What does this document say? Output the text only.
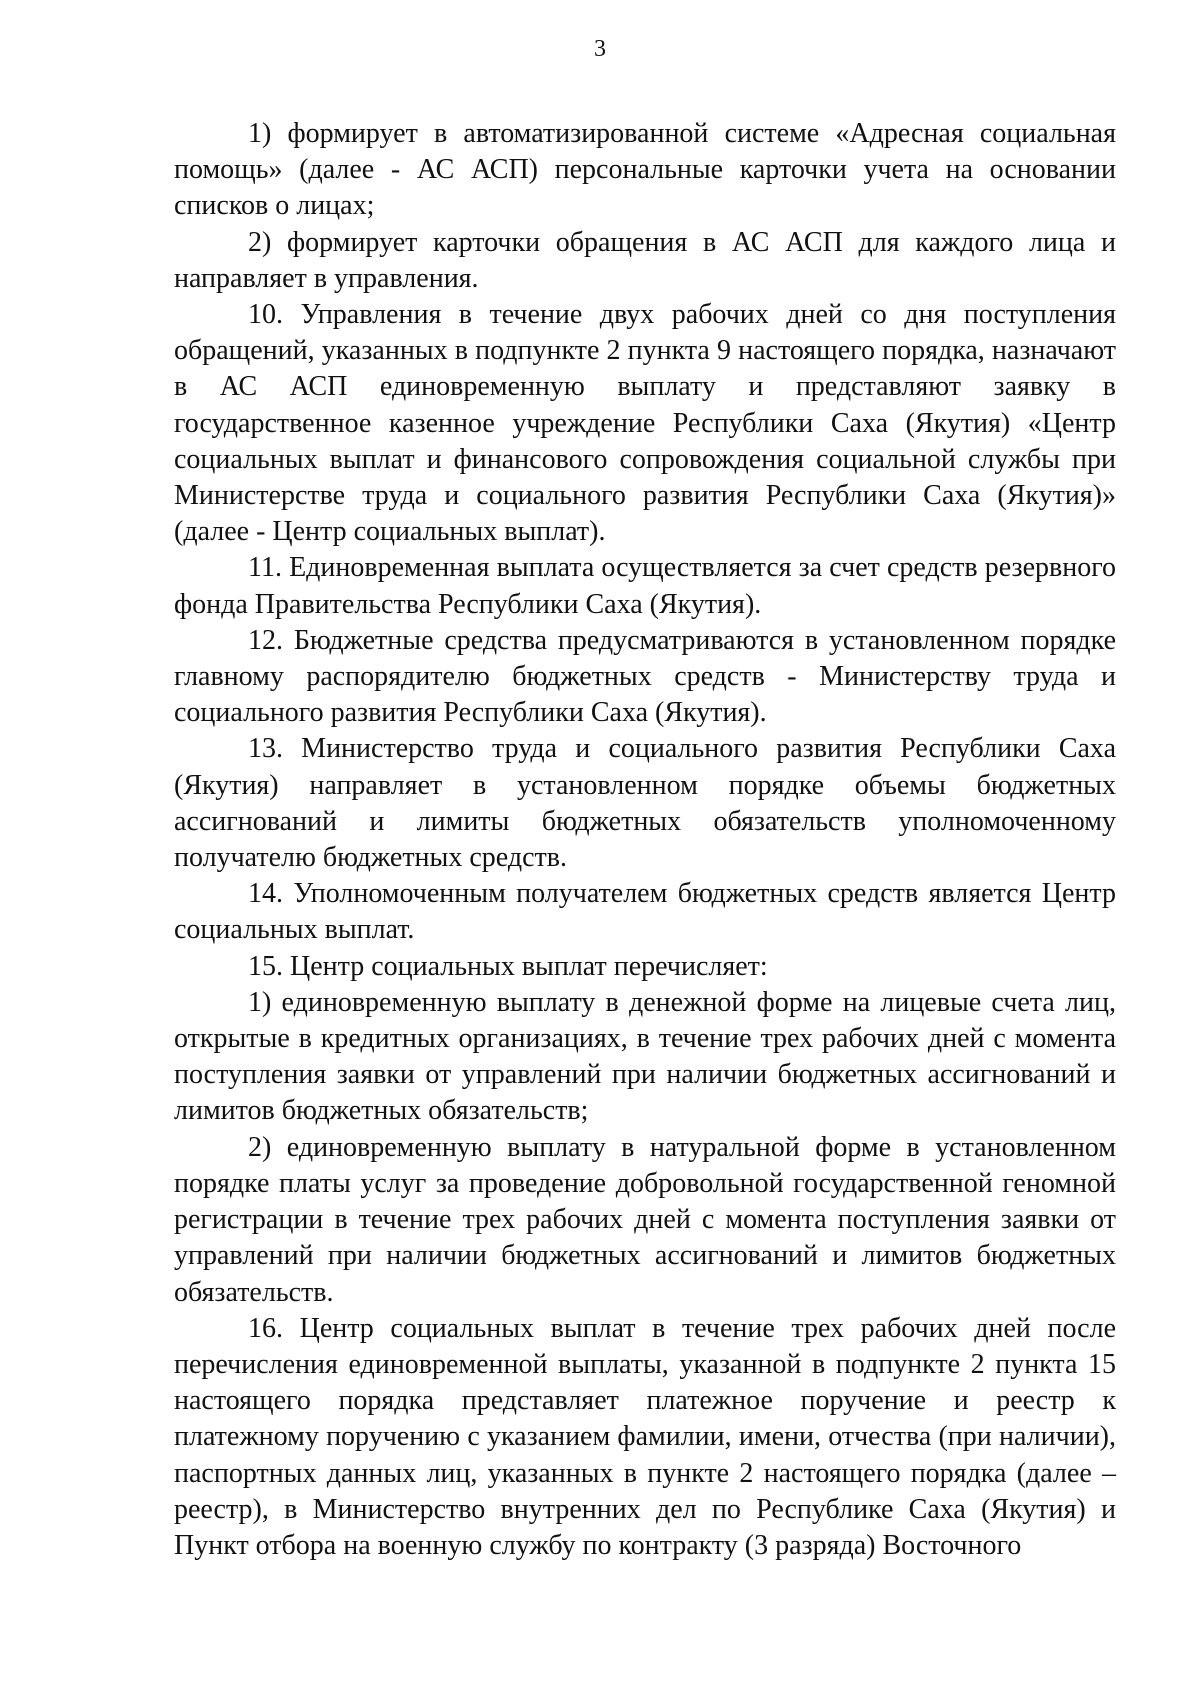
3

1) формирует в автоматизированной системе «Адресная социальная помощь» (далее - АС АСП) персональные карточки учета на основании списков о лицах;

2) формирует карточки обращения в АС АСП для каждого лица и направляет в управления.

10. Управления в течение двух рабочих дней со дня поступления обращений, указанных в подпункте 2 пункта 9 настоящего порядка, назначают в АС АСП единовременную выплату и представляют заявку в государственное казенное учреждение Республики Саха (Якутия) «Центр социальных выплат и финансового сопровождения социальной службы при Министерстве труда и социального развития Республики Саха (Якутия)» (далее - Центр социальных выплат).

11. Единовременная выплата осуществляется за счет средств резервного фонда Правительства Республики Саха (Якутия).

12. Бюджетные средства предусматриваются в установленном порядке главному распорядителю бюджетных средств - Министерству труда и социального развития Республики Саха (Якутия).

13. Министерство труда и социального развития Республики Саха (Якутия) направляет в установленном порядке объемы бюджетных ассигнований и лимиты бюджетных обязательств уполномоченному получателю бюджетных средств.

14. Уполномоченным получателем бюджетных средств является Центр социальных выплат.

15. Центр социальных выплат перечисляет:

1) единовременную выплату в денежной форме на лицевые счета лиц, открытые в кредитных организациях, в течение трех рабочих дней с момента поступления заявки от управлений при наличии бюджетных ассигнований и лимитов бюджетных обязательств;

2) единовременную выплату в натуральной форме в установленном порядке платы услуг за проведение добровольной государственной геномной регистрации в течение трех рабочих дней с момента поступления заявки от управлений при наличии бюджетных ассигнований и лимитов бюджетных обязательств.

16. Центр социальных выплат в течение трех рабочих дней после перечисления единовременной выплаты, указанной в подпункте 2 пункта 15 настоящего порядка представляет платежное поручение и реестр к платежному поручению с указанием фамилии, имени, отчества (при наличии), паспортных данных лиц, указанных в пункте 2 настоящего порядка (далее – реестр), в Министерство внутренних дел по Республике Саха (Якутия) и Пункт отбора на военную службу по контракту (3 разряда) Восточного
